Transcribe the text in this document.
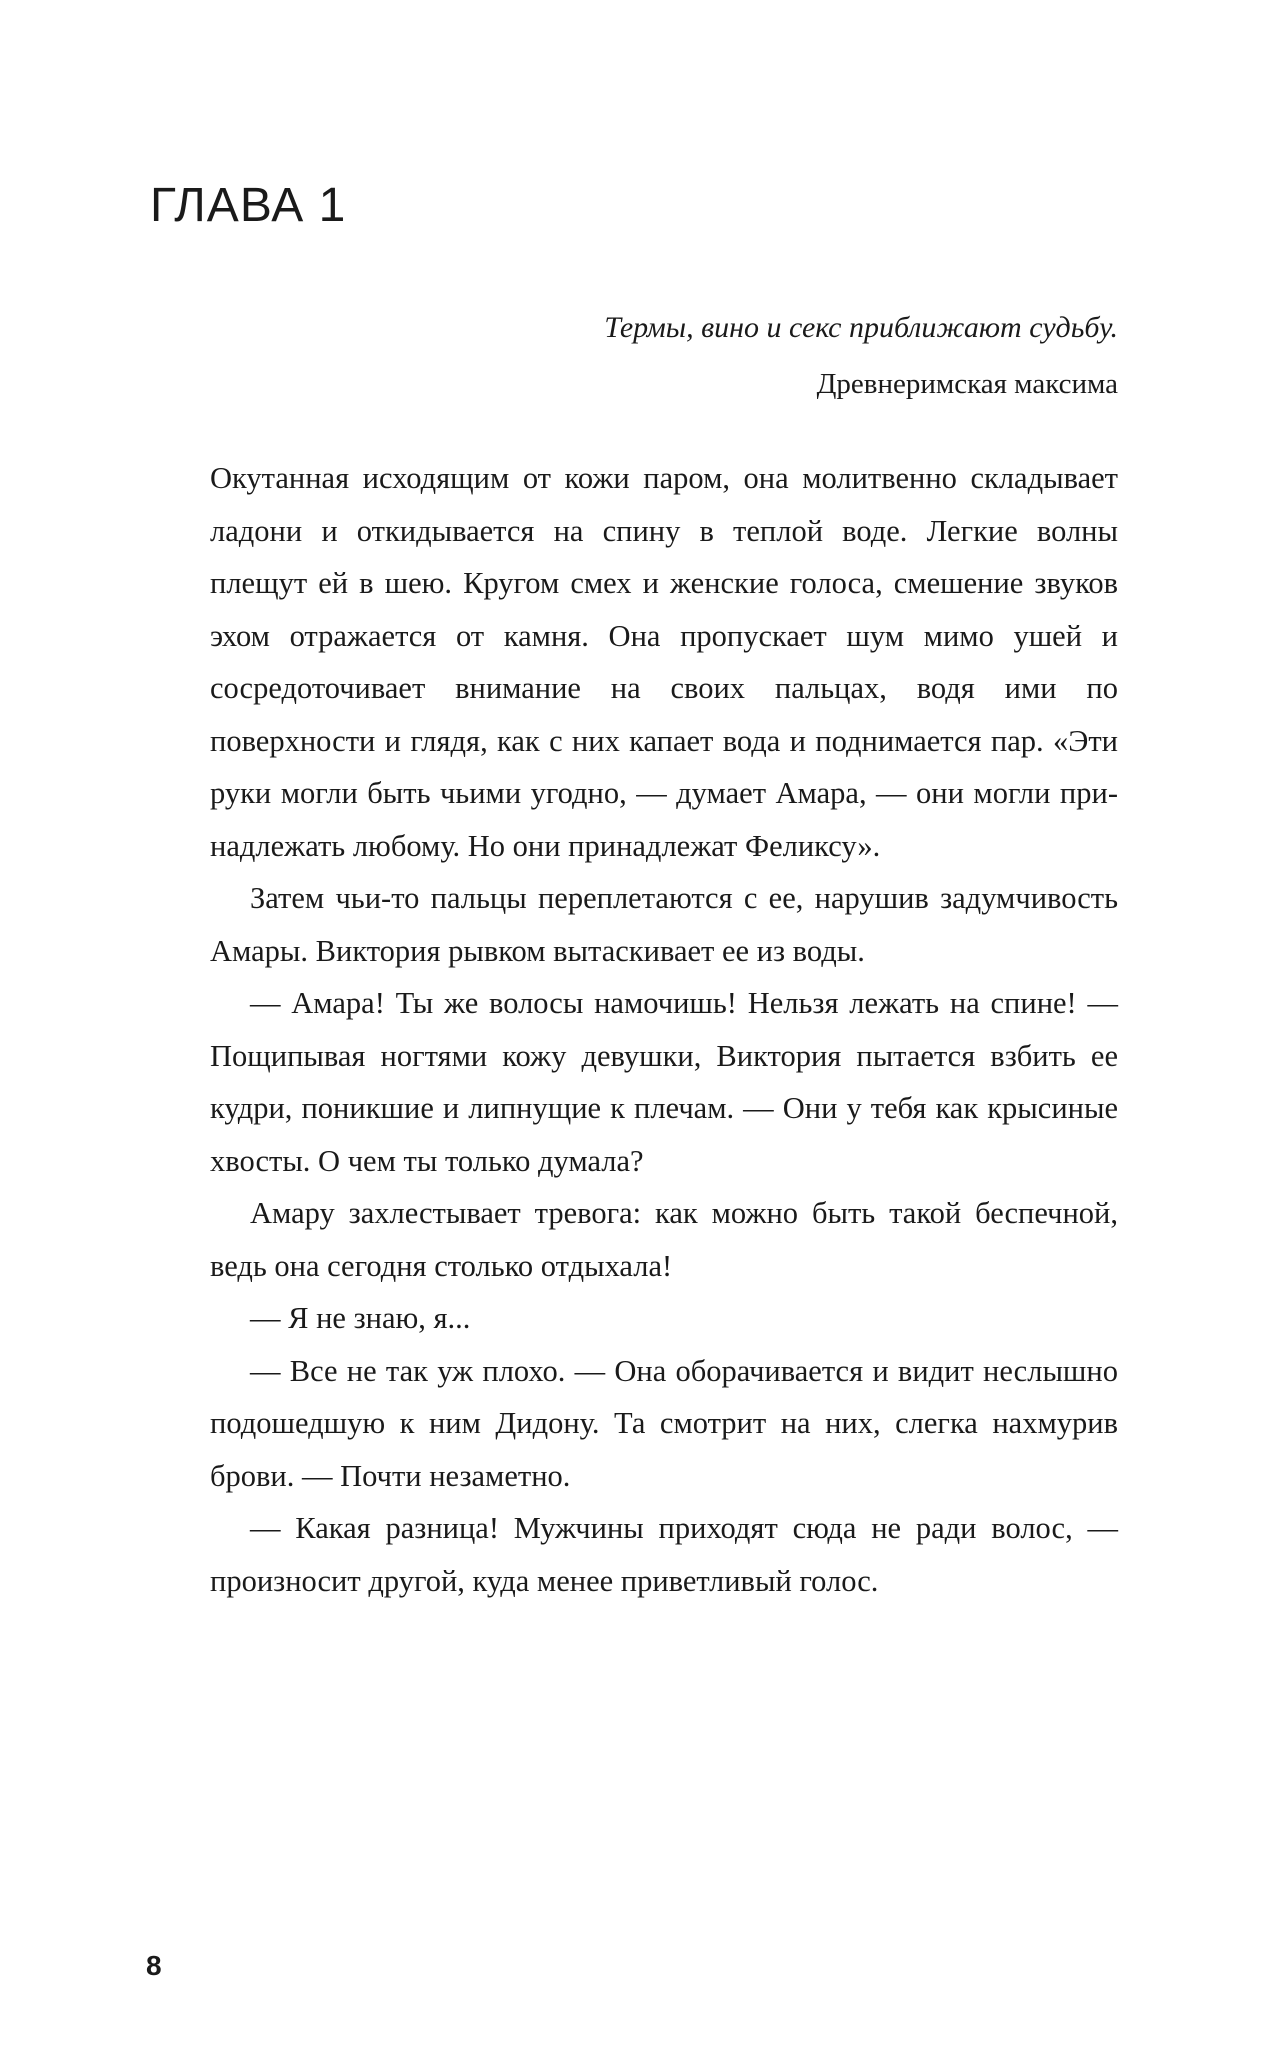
ГЛАВА 1
Термы, вино и секс приближают судьбу.
Древнеримская максима

Окутанная исходящим от кожи паром, она молитвенно складывает ладони и откидывается на спину в теплой воде. Легкие волны плещут ей в шею. Кругом смех и женские голоса, смешение звуков эхом отражается от камня. Она пропускает шум мимо ушей и сосредоточивает внимание на своих пальцах, водя ими по поверхности и глядя, как с них капает вода и поднимается пар. «Эти руки могли быть чьими угодно, — думает Амара, — они могли принадлежать любому. Но они принадлежат Феликсу».

Затем чьи-то пальцы переплетаются с ее, нарушив задумчивость Амары. Виктория рывком вытаскивает ее из воды.

— Амара! Ты же волосы намочишь! Нельзя лежать на спине! — Пощипывая ногтями кожу девушки, Виктория пытается взбить ее кудри, поникшие и липнущие к плечам. — Они у тебя как крысиные хвосты. О чем ты только думала?

Амару захлестывает тревога: как можно быть такой беспечной, ведь она сегодня столько отдыхала!

— Я не знаю, я...

— Все не так уж плохо. — Она оборачивается и видит неслышно подошедшую к ним Дидону. Та смотрит на них, слегка нахмурив брови. — Почти незаметно.

— Какая разница! Мужчины приходят сюда не ради волос, — произносит другой, куда менее приветливый голос.

8
